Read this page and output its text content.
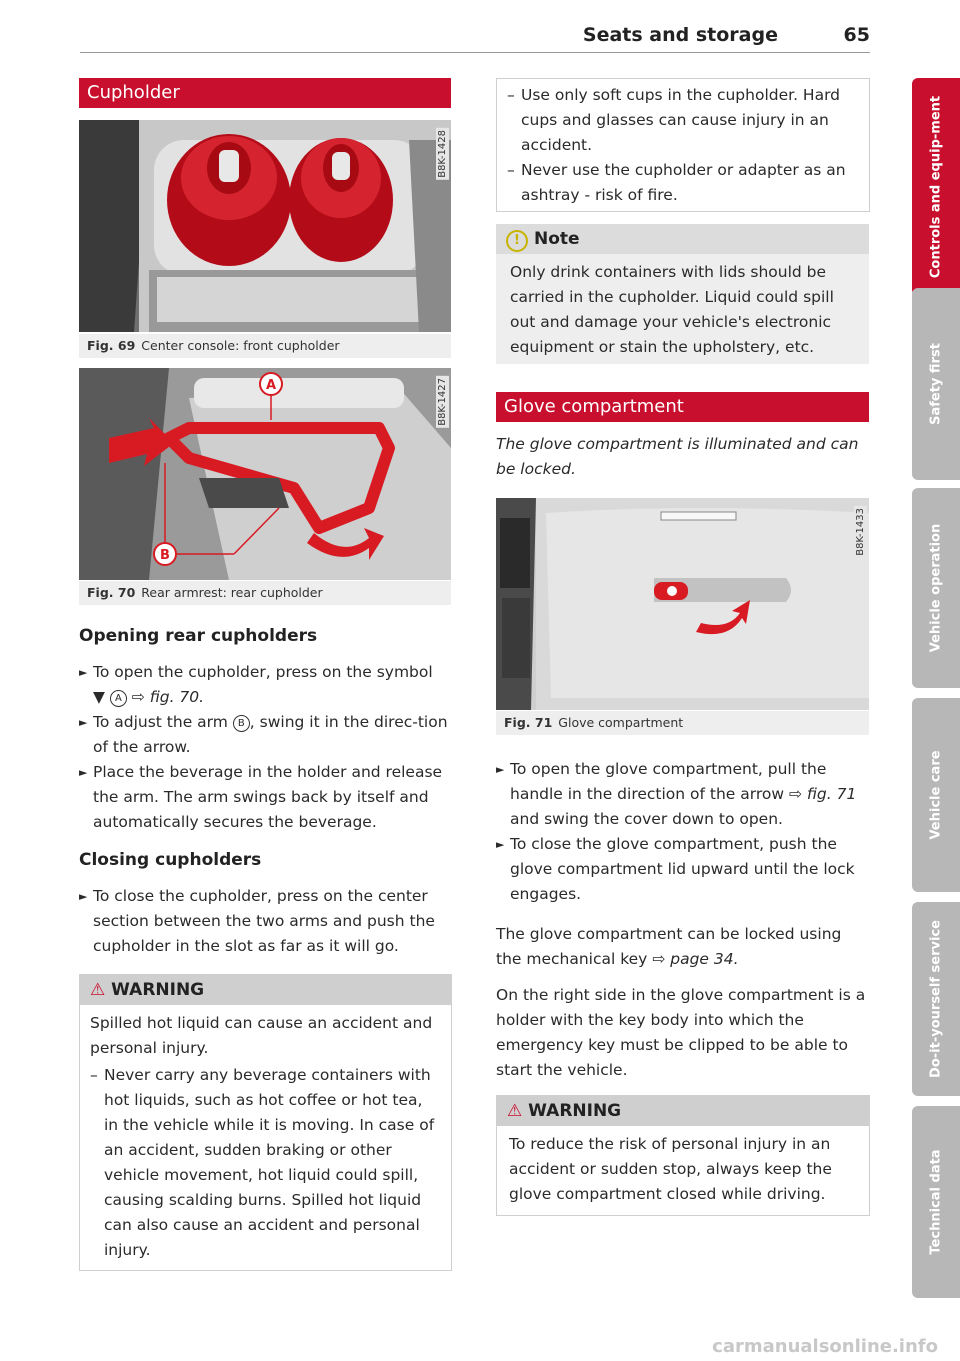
Seats and storage	65
Cupholder
B8K-1428
Fig. 69 Center console: front cupholder
A
B
B8K-1427
Fig. 70 Rear armrest: rear cupholder
Opening rear cupholders
► To open the cupholder, press on the symbol
▼ A ⇨ fig. 70.
► To adjust the arm B , swing it in the direc-tion of the arrow.
► Place the beverage in the holder and release the arm. The arm swings back by itself and automatically secures the beverage.
Closing cupholders
► To close the cupholder, press on the center section between the two arms and push the cupholder in the slot as far as it will go.
⚠ WARNING
Spilled hot liquid can cause an accident and personal injury.
– Never carry any beverage containers with hot liquids, such as hot coffee or hot tea, in the vehicle while it is moving. In case of an accident, sudden braking or other vehicle movement, hot liquid could spill, causing scalding burns. Spilled hot liquid can also cause an accident and personal injury.
– Use only soft cups in the cupholder. Hard cups and glasses can cause injury in an accident.
– Never use the cupholder or adapter as an ashtray - risk of fire.
! Note
Only drink containers with lids should be carried in the cupholder. Liquid could spill out and damage your vehicle's electronic equipment or stain the upholstery, etc.
Glove compartment
The glove compartment is illuminated and can be locked.
B8K-1433
Fig. 71 Glove compartment
► To open the glove compartment, pull the handle in the direction of the arrow ⇨ fig. 71 and swing the cover down to open.
► To close the glove compartment, push the glove compartment lid upward until the lock engages.
The glove compartment can be locked using the mechanical key ⇨ page 34.
On the right side in the glove compartment is a holder with the key body into which the emergency key must be clipped to be able to start the vehicle.
⚠ WARNING
To reduce the risk of personal injury in an accident or sudden stop, always keep the glove compartment closed while driving.
Controls and equip-ment
Safety first
Vehicle operation
Vehicle care
Do-it-yourself service
Technical data
carmanualsonline.info
